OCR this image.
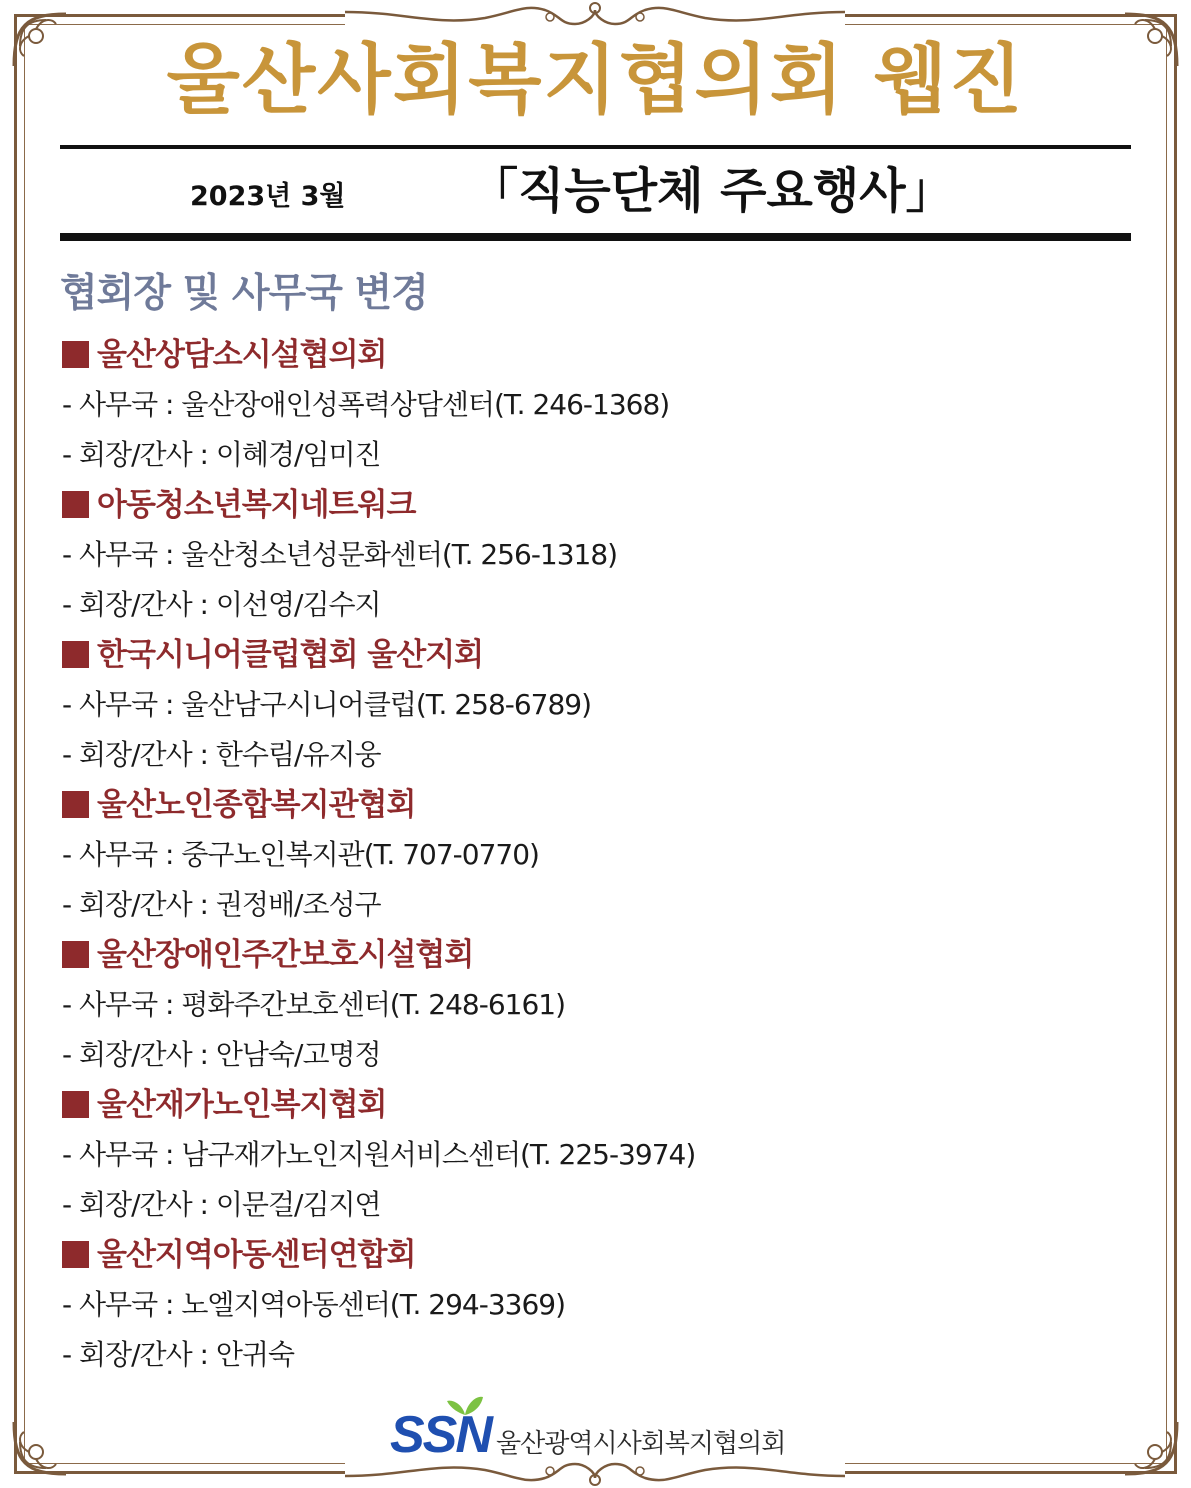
울산사회복지협의회 웹진
2023년 3월	「직능단체 주요행사」
협회장 및 사무국 변경
울산상담소시설협의회
- 사무국 : 울산장애인성폭력상담센터(T. 246-1368)
- 회장/간사 : 이혜경/임미진
아동청소년복지네트워크
- 사무국 : 울산청소년성문화센터(T. 256-1318)
- 회장/간사 : 이선영/김수지
한국시니어클럽협회 울산지회
- 사무국 : 울산남구시니어클럽(T. 258-6789)
- 회장/간사 : 한수림/유지웅
울산노인종합복지관협회
- 사무국 : 중구노인복지관(T. 707-0770)
- 회장/간사 : 권정배/조성구
울산장애인주간보호시설협회
- 사무국 : 평화주간보호센터(T. 248-6161)
- 회장/간사 : 안남숙/고명정
울산재가노인복지협회
- 사무국 : 남구재가노인지원서비스센터(T. 225-3974)
- 회장/간사 : 이문걸/김지연
울산지역아동센터연합회
- 사무국 : 노엘지역아동센터(T. 294-3369)
- 회장/간사 : 안귀숙
SSN 울산광역시사회복지협의회
